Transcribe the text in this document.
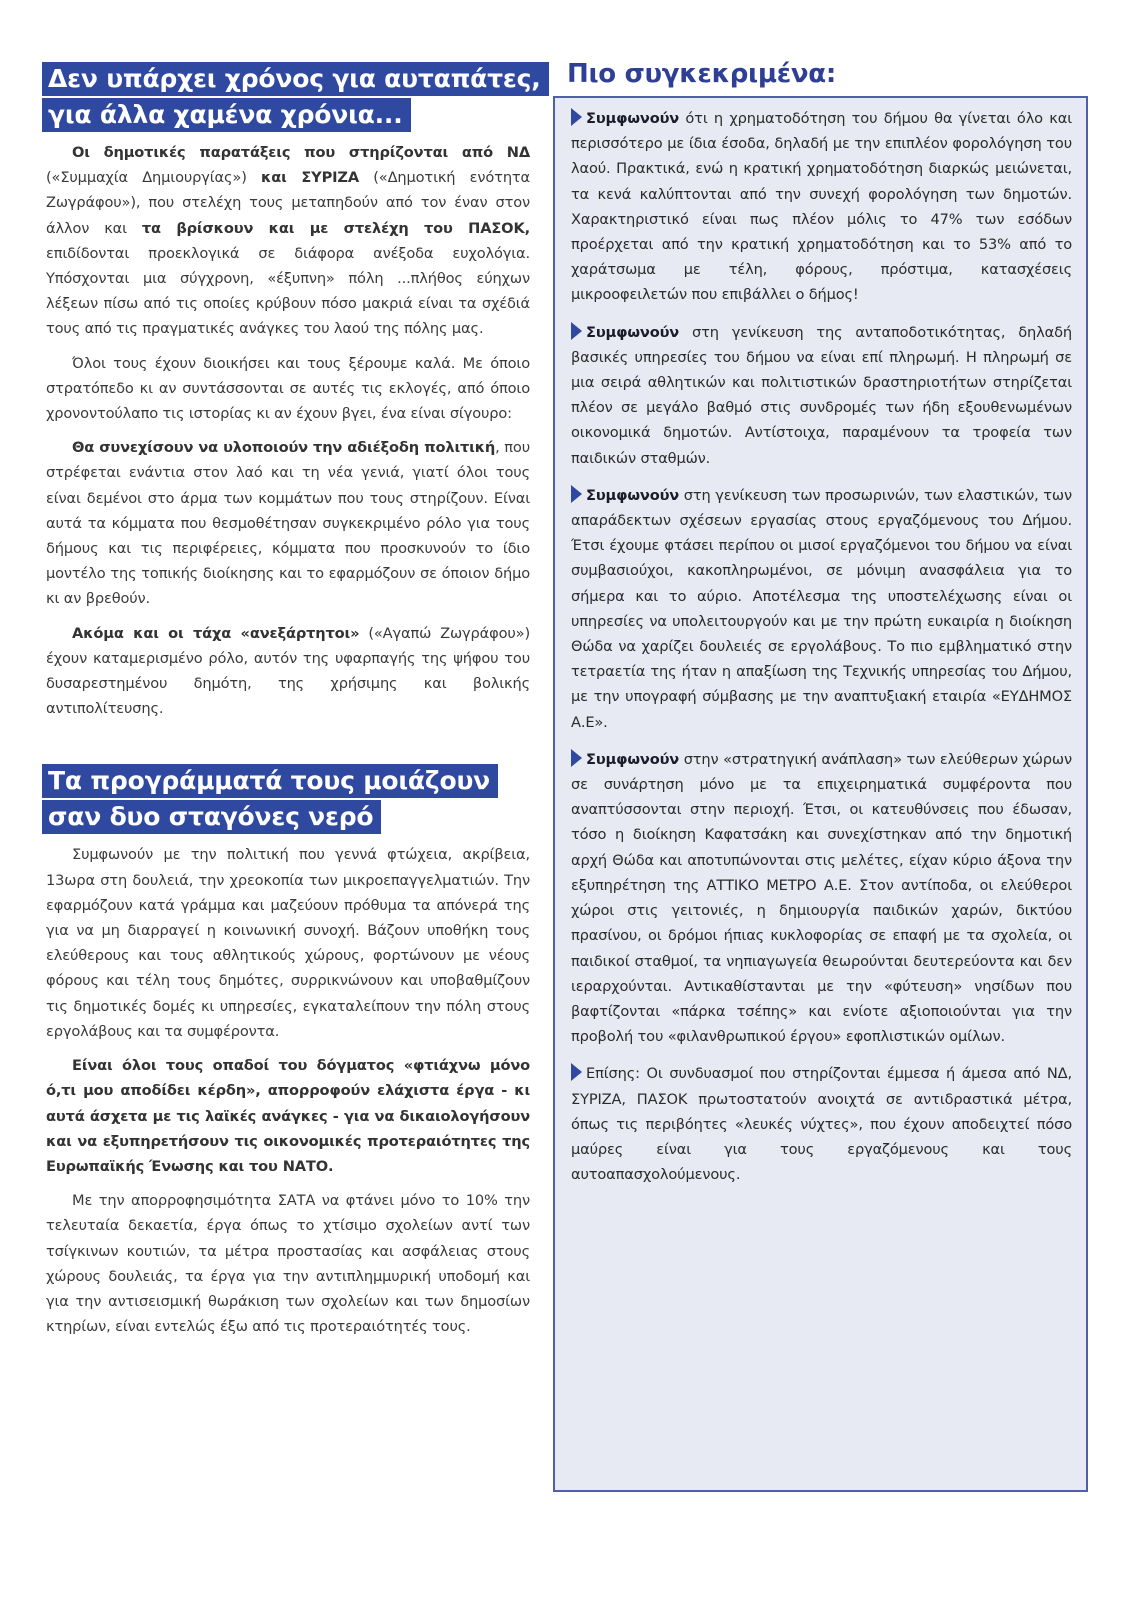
Δεν υπάρχει χρόνος για αυταπάτες,
για άλλα χαμένα χρόνια...

Οι δημοτικές παρατάξεις που στηρίζονται από ΝΔ («Συμμαχία Δημιουργίας») και ΣΥΡΙΖΑ («Δημοτική ενότητα Ζωγράφου»), που στελέχη τους μεταπηδούν από τον έναν στον άλλον και τα βρίσκουν και με στελέχη του ΠΑΣΟΚ, επιδίδονται προεκλογικά σε διάφορα ανέξοδα ευχολόγια. Υπόσχονται μια σύγχρονη, «έξυπνη» πόλη ...πλήθος εύηχων λέξεων πίσω από τις οποίες κρύβουν πόσο μακριά είναι τα σχέδιά τους από τις πραγματικές ανάγκες του λαού της πόλης μας.

Όλοι τους έχουν διοικήσει και τους ξέρουμε καλά. Με όποιο στρατόπεδο κι αν συντάσσονται σε αυτές τις εκλογές, από όποιο χρονοντούλαπο τις ιστορίας κι αν έχουν βγει, ένα είναι σίγουρο:

Θα συνεχίσουν να υλοποιούν την αδιέξοδη πολιτική, που στρέφεται ενάντια στον λαό και τη νέα γενιά, γιατί όλοι τους είναι δεμένοι στο άρμα των κομμάτων που τους στηρίζουν. Είναι αυτά τα κόμματα που θεσμοθέτησαν συγκεκριμένο ρόλο για τους δήμους και τις περιφέρειες, κόμματα που προσκυνούν το ίδιο μοντέλο της τοπικής διοίκησης και το εφαρμόζουν σε όποιον δήμο κι αν βρεθούν.

Ακόμα και οι τάχα «ανεξάρτητοι» («Αγαπώ Ζωγράφου») έχουν καταμερισμένο ρόλο, αυτόν της υφαρπαγής της ψήφου του δυσαρεστημένου δημότη, της χρήσιμης και βολικής αντιπολίτευσης.

Τα προγράμματά τους μοιάζουν
σαν δυο σταγόνες νερό

Συμφωνούν με την πολιτική που γεννά φτώχεια, ακρίβεια, 13ωρα στη δουλειά, την χρεοκοπία των μικροεπαγγελματιών. Την εφαρμόζουν κατά γράμμα και μαζεύουν πρόθυμα τα απόνερά της για να μη διαρραγεί η κοινωνική συνοχή. Βάζουν υποθήκη τους ελεύθερους και τους αθλητικούς χώρους, φορτώνουν με νέους φόρους και τέλη τους δημότες, συρρικνώνουν και υποβαθμίζουν τις δημοτικές δομές κι υπηρεσίες, εγκαταλείπουν την πόλη στους εργολάβους και τα συμφέροντα.

Είναι όλοι τους οπαδοί του δόγματος «φτιάχνω μόνο ό,τι μου αποδίδει κέρδη», απορροφούν ελάχιστα έργα - κι αυτά άσχετα με τις λαϊκές ανάγκες - για να δικαιολογήσουν και να εξυπηρετήσουν τις οικονομικές προτεραιότητες της Ευρωπαϊκής Ένωσης και του ΝΑΤΟ.

Με την απορροφησιμότητα ΣΑΤΑ να φτάνει μόνο το 10% την τελευταία δεκαετία, έργα όπως το χτίσιμο σχολείων αντί των τσίγκινων κουτιών, τα μέτρα προστασίας και ασφάλειας στους χώρους δουλειάς, τα έργα για την αντιπλημμυρική υποδομή και για την αντισεισμική θωράκιση των σχολείων και των δημοσίων κτηρίων, είναι εντελώς έξω από τις προτεραιότητές τους.

Πιο συγκεκριμένα:

Συμφωνούν ότι η χρηματοδότηση του δήμου θα γίνεται όλο και περισσότερο με ίδια έσοδα, δηλαδή με την επιπλέον φορολόγηση του λαού. Πρακτικά, ενώ η κρατική χρηματοδότηση διαρκώς μειώνεται, τα κενά καλύπτονται από την συνεχή φορολόγηση των δημοτών. Χαρακτηριστικό είναι πως πλέον μόλις το 47% των εσόδων προέρχεται από την κρατική χρηματοδότηση και το 53% από το χαράτσωμα με τέλη, φόρους, πρόστιμα, κατασχέσεις μικροοφειλετών που επιβάλλει ο δήμος!

Συμφωνούν στη γενίκευση της ανταποδοτικότητας, δηλαδή βασικές υπηρεσίες του δήμου να είναι επί πληρωμή. Η πληρωμή σε μια σειρά αθλητικών και πολιτιστικών δραστηριοτήτων στηρίζεται πλέον σε μεγάλο βαθμό στις συνδρομές των ήδη εξουθενωμένων οικονομικά δημοτών. Αντίστοιχα, παραμένουν τα τροφεία των παιδικών σταθμών.

Συμφωνούν στη γενίκευση των προσωρινών, των ελαστικών, των απαράδεκτων σχέσεων εργασίας στους εργαζόμενους του Δήμου. Έτσι έχουμε φτάσει περίπου οι μισοί εργαζόμενοι του δήμου να είναι συμβασιούχοι, κακοπληρωμένοι, σε μόνιμη ανασφάλεια για το σήμερα και το αύριο. Αποτέλεσμα της υποστελέχωσης είναι οι υπηρεσίες να υπολειτουργούν και με την πρώτη ευκαιρία η διοίκηση Θώδα να χαρίζει δουλειές σε εργολάβους. Το πιο εμβληματικό στην τετραετία της ήταν η απαξίωση της Τεχνικής υπηρεσίας του Δήμου, με την υπογραφή σύμβασης με την αναπτυξιακή εταιρία «ΕΥΔΗΜΟΣ Α.Ε».

Συμφωνούν στην «στρατηγική ανάπλαση» των ελεύθερων χώρων σε συνάρτηση μόνο με τα επιχειρηματικά συμφέροντα που αναπτύσσονται στην περιοχή. Έτσι, οι κατευθύνσεις που έδωσαν, τόσο η διοίκηση Καφατσάκη και συνεχίστηκαν από την δημοτική αρχή Θώδα και αποτυπώνονται στις μελέτες, είχαν κύριο άξονα την εξυπηρέτηση της ΑΤΤΙΚΟ ΜΕΤΡΟ Α.Ε. Στον αντίποδα, οι ελεύθεροι χώροι στις γειτονιές, η δημιουργία παιδικών χαρών, δικτύου πρασίνου, οι δρόμοι ήπιας κυκλοφορίας σε επαφή με τα σχολεία, οι παιδικοί σταθμοί, τα νηπιαγωγεία θεωρούνται δευτερεύοντα και δεν ιεραρχούνται. Αντικαθίστανται με την «φύτευση» νησίδων που βαφτίζονται «πάρκα τσέπης» και ενίοτε αξιοποιούνται για την προβολή του «φιλανθρωπικού έργου» εφοπλιστικών ομίλων.

Επίσης: Οι συνδυασμοί που στηρίζονται έμμεσα ή άμεσα από ΝΔ, ΣΥΡΙΖΑ, ΠΑΣΟΚ πρωτοστατούν ανοιχτά σε αντιδραστικά μέτρα, όπως τις περιβόητες «λευκές νύχτες», που έχουν αποδειχτεί πόσο μαύρες είναι για τους εργαζόμενους και τους αυτοαπασχολούμενους.
